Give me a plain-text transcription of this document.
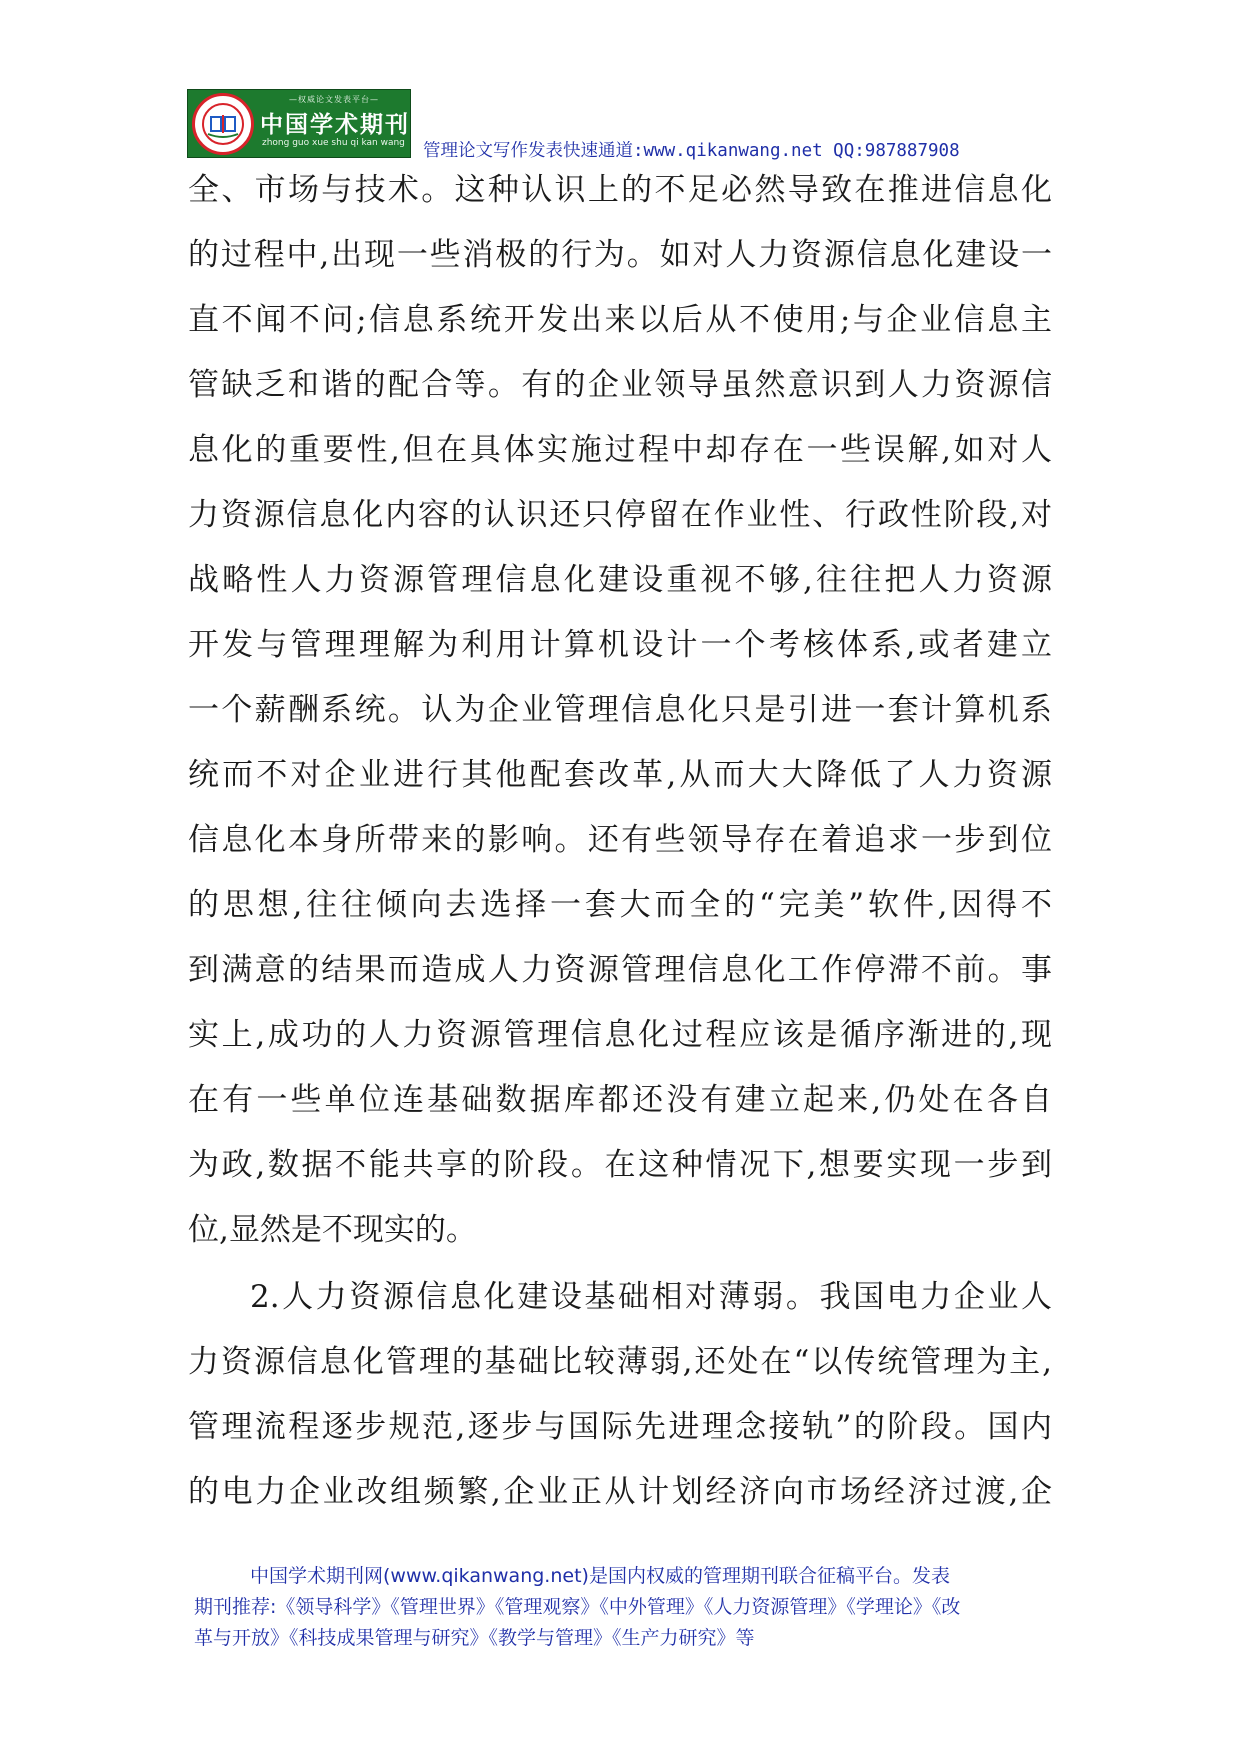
—权威论文发表平台—
中国学术期刊网
zhong guo xue shu qi kan wang 管理论文写作发表快速通道:www.qikanwang.net QQ:987887908
全、市场与技术。这种认识上的不足必然导致在推进信息化
的过程中,出现一些消极的行为。如对人力资源信息化建设一
直不闻不问;信息系统开发出来以后从不使用;与企业信息主
管缺乏和谐的配合等。有的企业领导虽然意识到人力资源信
息化的重要性,但在具体实施过程中却存在一些误解,如对人
力资源信息化内容的认识还只停留在作业性、行政性阶段,对
战略性人力资源管理信息化建设重视不够,往往把人力资源
开发与管理理解为利用计算机设计一个考核体系,或者建立
一个薪酬系统。认为企业管理信息化只是引进一套计算机系
统而不对企业进行其他配套改革,从而大大降低了人力资源
信息化本身所带来的影响。还有些领导存在着追求一步到位
的思想,往往倾向去选择一套大而全的“完美”软件,因得不
到满意的结果而造成人力资源管理信息化工作停滞不前。事
实上,成功的人力资源管理信息化过程应该是循序渐进的,现
在有一些单位连基础数据库都还没有建立起来,仍处在各自
为政,数据不能共享的阶段。在这种情况下,想要实现一步到
位,显然是不现实的。
2.人力资源信息化建设基础相对薄弱。我国电力企业人
力资源信息化管理的基础比较薄弱,还处在“以传统管理为主,
管理流程逐步规范,逐步与国际先进理念接轨”的阶段。国内
的电力企业改组频繁,企业正从计划经济向市场经济过渡,企
中国学术期刊网(www.qikanwang.net)是国内权威的管理期刊联合征稿平台。发表
期刊推荐:《领导科学》《管理世界》《管理观察》《中外管理》《人力资源管理》《学理论》《改
革与开放》《科技成果管理与研究》《教学与管理》《生产力研究》等
